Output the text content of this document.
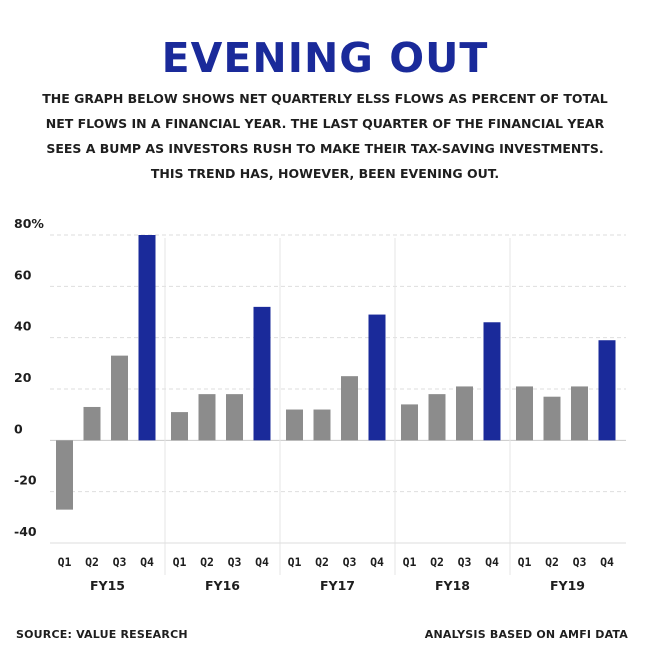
EVENING OUT
THE GRAPH BELOW SHOWS NET QUARTERLY ELSS FLOWS AS PERCENT OF TOTAL NET FLOWS IN A FINANCIAL YEAR. THE LAST QUARTER OF THE FINANCIAL YEAR SEES A BUMP AS INVESTORS RUSH TO MAKE THEIR TAX-SAVING INVESTMENTS. THIS TREND HAS, HOWEVER, BEEN EVENING OUT.
-40
-20
0
20
40
60
80%
Q1 Q2 Q3 Q4
FY15
Q1 Q2 Q3 Q4
FY16
Q1 Q2 Q3 Q4
FY17
Q1 Q2 Q3 Q4
FY18
Q1 Q2 Q3 Q4
FY19
SOURCE: VALUE RESEARCH	ANALYSIS BASED ON AMFI DATA
